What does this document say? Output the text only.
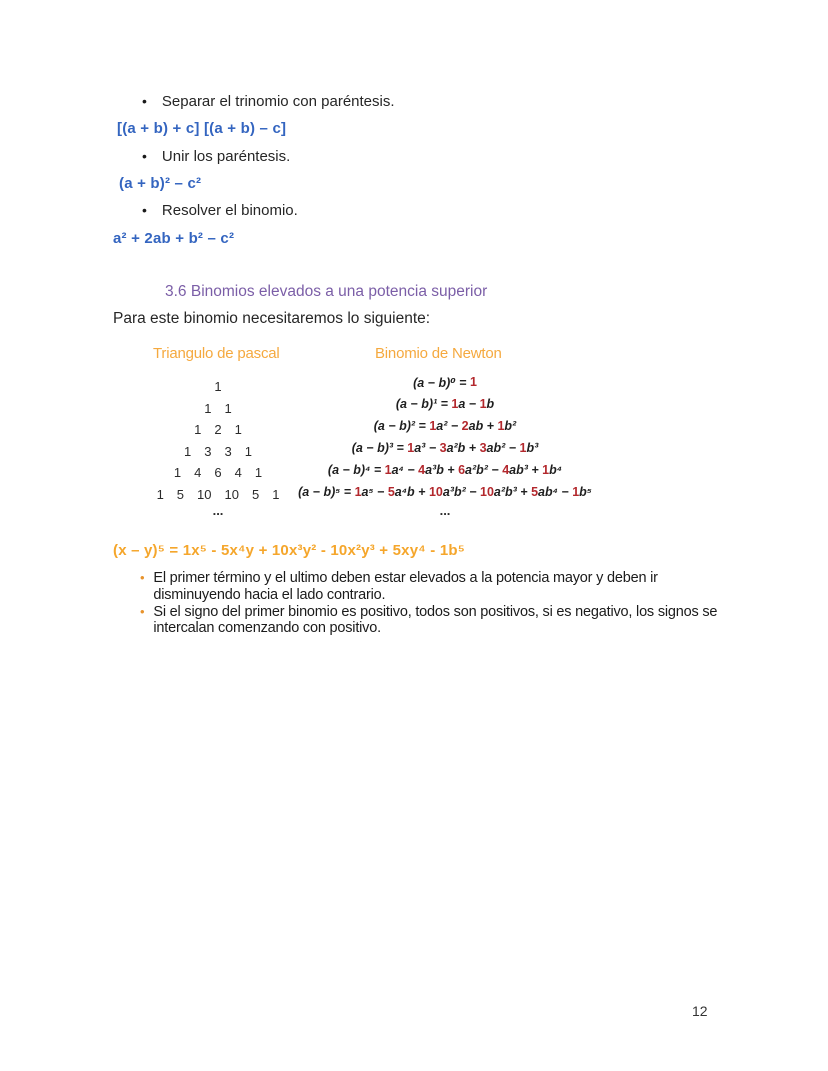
• Separar el trinomio con paréntesis.
[(a + b) + c] [(a + b) – c]
• Unir los paréntesis.
(a + b)² – c²
• Resolver el binomio.
a² + 2ab + b² – c²
3.6 Binomios elevados a una potencia superior
Para este binomio necesitaremos lo siguiente:
Triangulo de pascal	Binomio de Newton
1
1 1
1 2 1
1 3 3 1
1 4 6 4 1
1 5 10 10 5 1
...
(a − b)⁰ = 1
(a − b)¹ = 1 a − 1 b
(a − b)² = 1 a² − 2 ab + 1 b²
(a − b)³ = 1 a³ − 3 a²b + 3 ab² − 1 b³
(a − b)⁴ = 1 a⁴ − 4 a³b + 6 a²b² − 4 ab³ + 1 b⁴
(a − b)⁵ = 1 a⁵ − 5 a⁴b + 10 a³b² − 10 a²b³ + 5 ab⁴ − 1 b⁵
...
(x – y)⁵ = 1x⁵ - 5x⁴y + 10x³y² - 10x²y³ + 5xy⁴ - 1b⁵
• El primer término y el ultimo deben estar elevados a la potencia mayor y deben ir disminuyendo hacia el lado contrario.
• Si el signo del primer binomio es positivo, todos son positivos, si es negativo, los signos se intercalan comenzando con positivo.
12
